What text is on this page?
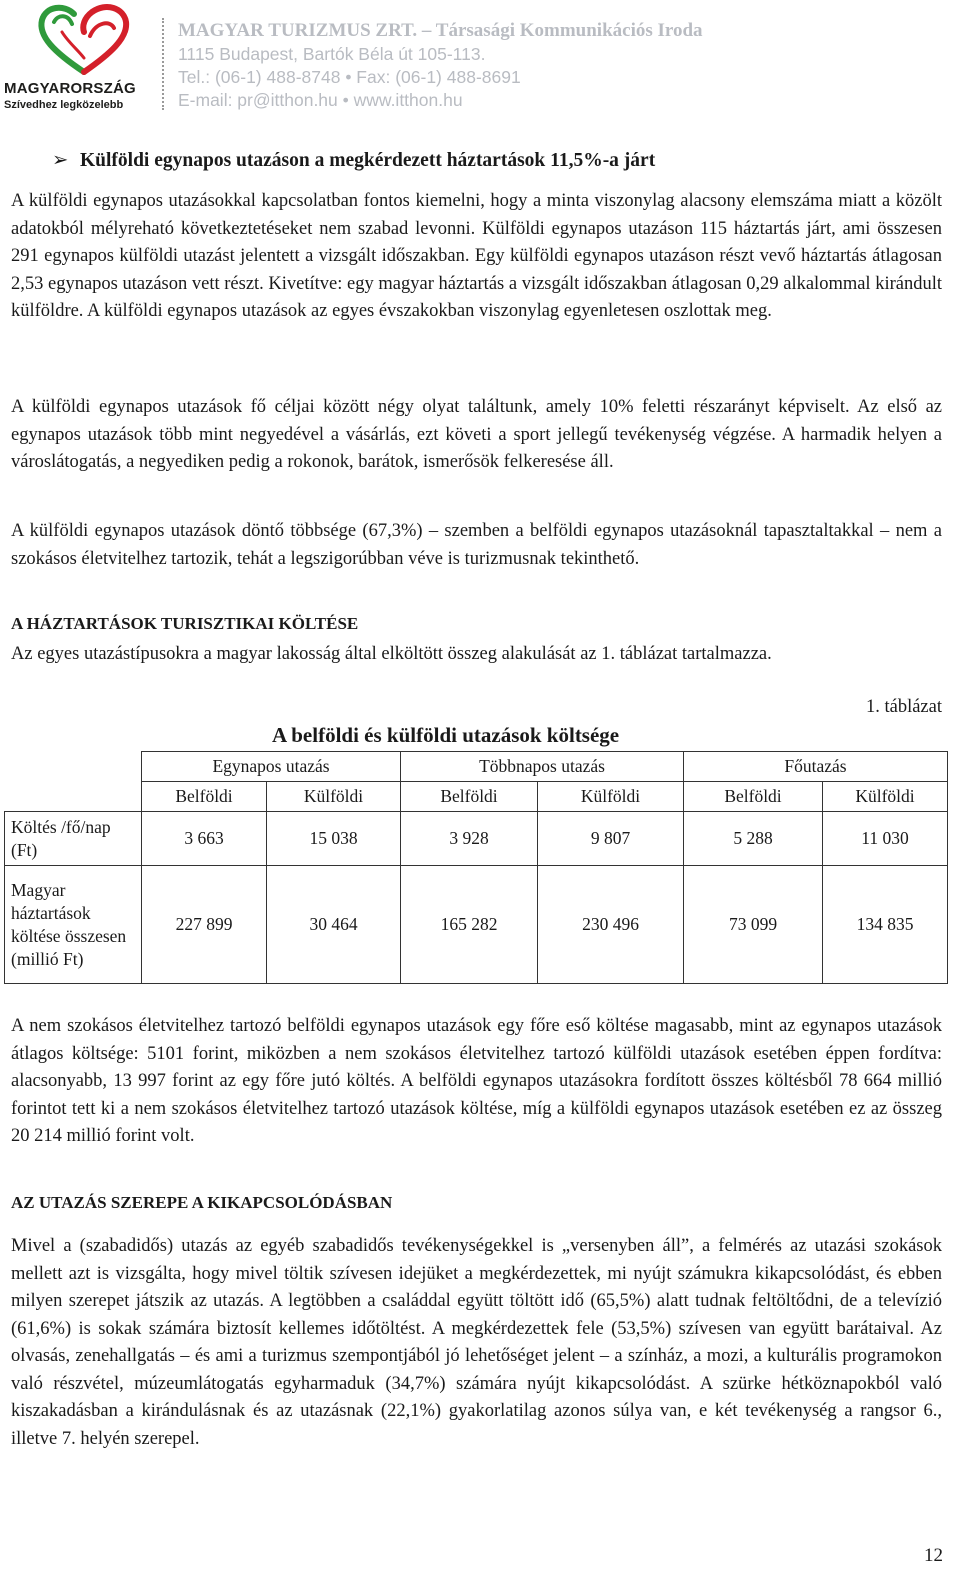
MAGYARORSZÁG
Szívedhez legközelebb
MAGYAR TURIZMUS ZRT. – Társasági Kommunikációs Iroda
1115 Budapest, Bartók Béla út 105-113.
Tel.: (06-1) 488-8748 • Fax: (06-1) 488-8691
E-mail: pr@itthon.hu • www.itthon.hu
➢ Külföldi egynapos utazáson a megkérdezett háztartások 11,5%-a járt

A külföldi egynapos utazásokkal kapcsolatban fontos kiemelni, hogy a minta viszonylag alacsony elemszáma miatt a közölt adatokból mélyreható következtetéseket nem szabad levonni. Külföldi egynapos utazáson 115 háztartás járt, ami összesen 291 egynapos külföldi utazást jelentett a vizsgált időszakban. Egy külföldi egynapos utazáson részt vevő háztartás átlagosan 2,53 egynapos utazáson vett részt. Kivetítve: egy magyar háztartás a vizsgált időszakban átlagosan 0,29 alkalommal kirándult külföldre. A külföldi egynapos utazások az egyes évszakokban viszonylag egyenletesen oszlottak meg.

A külföldi egynapos utazások fő céljai között négy olyat találtunk, amely 10% feletti részarányt képviselt. Az első az egynapos utazások több mint negyedével a vásárlás, ezt követi a sport jellegű tevékenység végzése. A harmadik helyen a városlátogatás, a negyediken pedig a rokonok, barátok, ismerősök felkeresése áll.

A külföldi egynapos utazások döntő többsége (67,3%) – szemben a belföldi egynapos utazásoknál tapasztaltakkal – nem a szokásos életvitelhez tartozik, tehát a legszigorúbban véve is turizmusnak tekinthető.

A HÁZTARTÁSOK TURISZTIKAI KÖLTÉSE

Az egyes utazástípusokra a magyar lakosság által elköltött összeg alakulását az 1. táblázat tartalmazza.

1. táblázat
A belföldi és külföldi utazások költsége
	Egynapos utazás		Többnapos utazás		Főutazás	
	Belföldi	Külföldi	Belföldi	Külföldi	Belföldi	Külföldi
Költés /fő/nap (Ft)	3 663	15 038	3 928	9 807	5 288	11 030
Magyar háztartások költése összesen (millió Ft)	227 899	30 464	165 282	230 496	73 099	134 835

A nem szokásos életvitelhez tartozó belföldi egynapos utazások egy főre eső költése magasabb, mint az egynapos utazások átlagos költsége: 5101 forint, miközben a nem szokásos életvitelhez tartozó külföldi utazások esetében éppen fordítva: alacsonyabb, 13 997 forint az egy főre jutó költés. A belföldi egynapos utazásokra fordított összes költésből 78 664 millió forintot tett ki a nem szokásos életvitelhez tartozó utazások költése, míg a külföldi egynapos utazások esetében ez az összeg 20 214 millió forint volt.

AZ UTAZÁS SZEREPE A KIKAPCSOLÓDÁSBAN

Mivel a (szabadidős) utazás az egyéb szabadidős tevékenységekkel is „versenyben áll”, a felmérés az utazási szokások mellett azt is vizsgálta, hogy mivel töltik szívesen idejüket a megkérdezettek, mi nyújt számukra kikapcsolódást, és ebben milyen szerepet játszik az utazás. A legtöbben a családdal együtt töltött idő (65,5%) alatt tudnak feltöltődni, de a televízió (61,6%) is sokak számára biztosít kellemes időtöltést. A megkérdezettek fele (53,5%) szívesen van együtt barátaival. Az olvasás, zenehallgatás – és ami a turizmus szempontjából jó lehetőséget jelent – a színház, a mozi, a kulturális programokon való részvétel, múzeumlátogatás egyharmaduk (34,7%) számára nyújt kikapcsolódást. A szürke hétköznapokból való kiszakadásban a kirándulásnak és az utazásnak (22,1%) gyakorlatilag azonos súlya van, e két tevékenység a rangsor 6., illetve 7. helyén szerepel.

12
